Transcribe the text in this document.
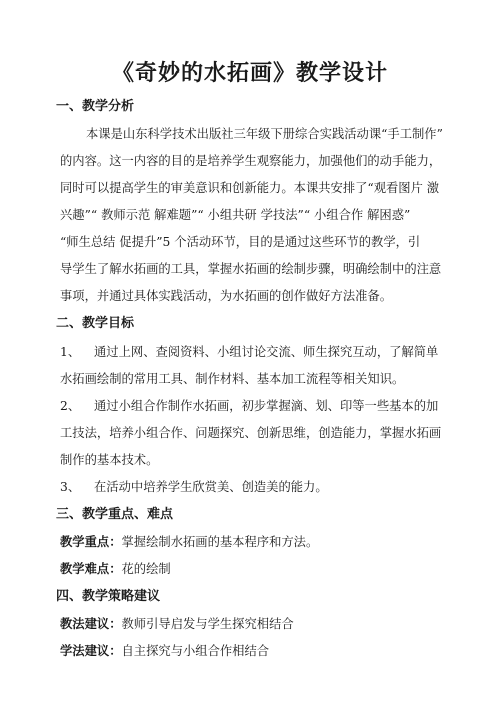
《奇妙的水拓画》教学设计
一、教学分析
本课是山东科学技术出版社三年级下册综合实践活动课“手工制作”
的内容。这一内容的目的是培养学生观察能力，加强他们的动手能力，
同时可以提高学生的审美意识和创新能力。本课共安排了“观看图片 激
兴趣”“ 教师示范 解难题”“ 小组共研 学技法”“ 小组合作 解困惑”
“师生总结 促提升”5 个活动环节，目的是通过这些环节的教学，引
导学生了解水拓画的工具，掌握水拓画的绘制步骤，明确绘制中的注意
事项，并通过具体实践活动，为水拓画的创作做好方法准备。
二、教学目标
1、 通过上网、查阅资料、小组讨论交流、师生探究互动，了解简单
水拓画绘制的常用工具、制作材料、基本加工流程等相关知识。
2、 通过小组合作制作水拓画，初步掌握滴、划、印等一些基本的加
工技法，培养小组合作、问题探究、创新思维，创造能力，掌握水拓画
制作的基本技术。
3、 在活动中培养学生欣赏美、创造美的能力。
三、教学重点、难点
教学重点：掌握绘制水拓画的基本程序和方法。
教学难点：花的绘制
四、教学策略建议
教法建议：教师引导启发与学生探究相结合
学法建议：自主探究与小组合作相结合
